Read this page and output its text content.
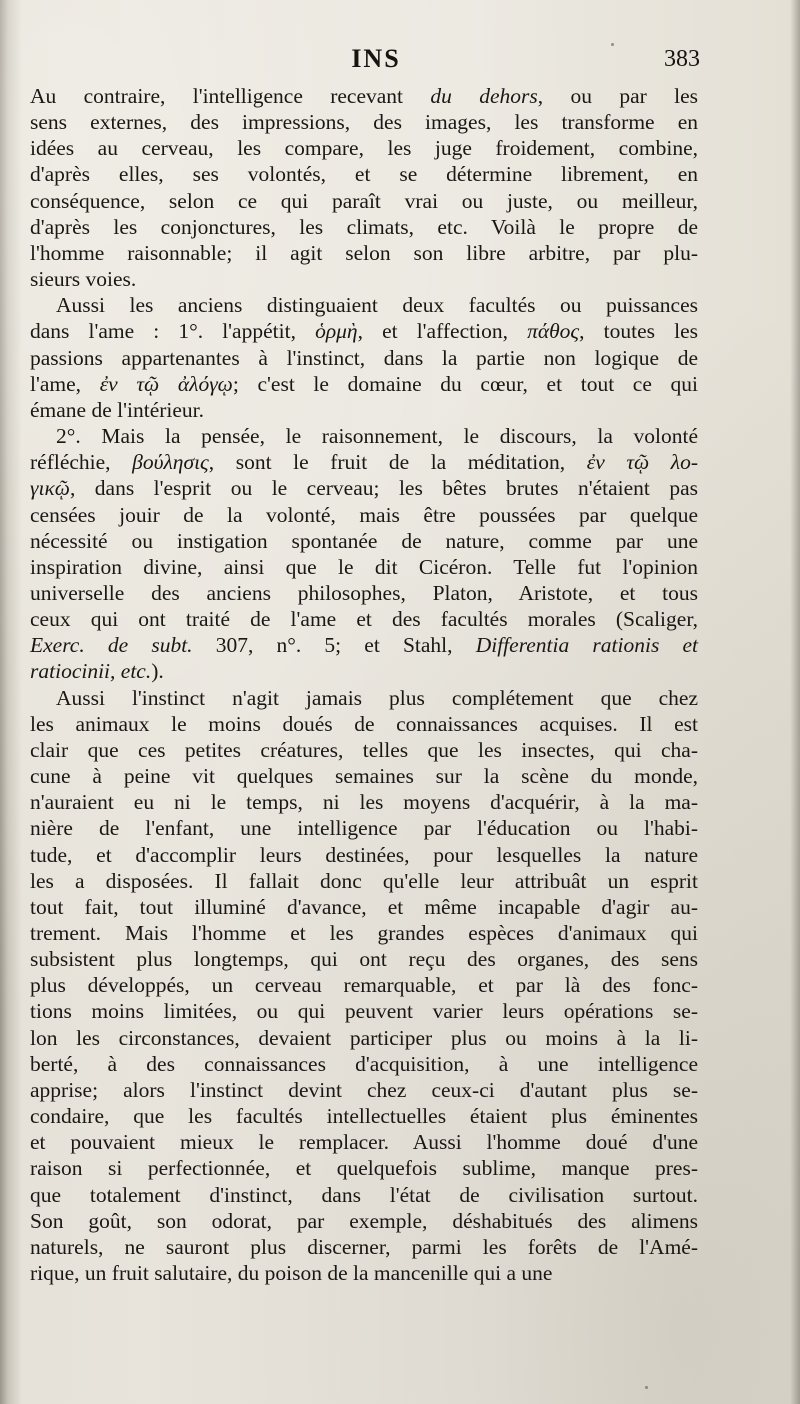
INS	383
Au contraire, l'intelligence recevant du dehors, ou par les
sens externes, des impressions, des images, les transforme en
idées au cerveau, les compare, les juge froidement, combine,
d'après elles, ses volontés, et se détermine librement, en
conséquence, selon ce qui paraît vrai ou juste, ou meilleur,
d'après les conjonctures, les climats, etc. Voilà le propre de
l'homme raisonnable; il agit selon son libre arbitre, par plu-
sieurs voies.
Aussi les anciens distinguaient deux facultés ou puissances
dans l'ame : 1°. l'appétit, ὁρμὴ, et l'affection, πάθος, toutes les
passions appartenantes à l'instinct, dans la partie non logique de
l'ame, ἐν τῷ ἀλόγῳ; c'est le domaine du cœur, et tout ce qui
émane de l'intérieur.
2°. Mais la pensée, le raisonnement, le discours, la volonté
réfléchie, βούλησις, sont le fruit de la méditation, ἐν τῷ λο-
γικῷ, dans l'esprit ou le cerveau; les bêtes brutes n'étaient pas
censées jouir de la volonté, mais être poussées par quelque
nécessité ou instigation spontanée de nature, comme par une
inspiration divine, ainsi que le dit Cicéron. Telle fut l'opinion
universelle des anciens philosophes, Platon, Aristote, et tous
ceux qui ont traité de l'ame et des facultés morales (Scaliger,
Exerc. de subt. 307, n°. 5; et Stahl, Differentia rationis et
ratiocinii, etc.).
Aussi l'instinct n'agit jamais plus complétement que chez
les animaux le moins doués de connaissances acquises. Il est
clair que ces petites créatures, telles que les insectes, qui cha-
cune à peine vit quelques semaines sur la scène du monde,
n'auraient eu ni le temps, ni les moyens d'acquérir, à la ma-
nière de l'enfant, une intelligence par l'éducation ou l'habi-
tude, et d'accomplir leurs destinées, pour lesquelles la nature
les a disposées. Il fallait donc qu'elle leur attribuât un esprit
tout fait, tout illuminé d'avance, et même incapable d'agir au-
trement. Mais l'homme et les grandes espèces d'animaux qui
subsistent plus longtemps, qui ont reçu des organes, des sens
plus développés, un cerveau remarquable, et par là des fonc-
tions moins limitées, ou qui peuvent varier leurs opérations se-
lon les circonstances, devaient participer plus ou moins à la li-
berté, à des connaissances d'acquisition, à une intelligence
apprise; alors l'instinct devint chez ceux-ci d'autant plus se-
condaire, que les facultés intellectuelles étaient plus éminentes
et pouvaient mieux le remplacer. Aussi l'homme doué d'une
raison si perfectionnée, et quelquefois sublime, manque pres-
que totalement d'instinct, dans l'état de civilisation surtout.
Son goût, son odorat, par exemple, déshabitués des alimens
naturels, ne sauront plus discerner, parmi les forêts de l'Amé-
rique, un fruit salutaire, du poison de la mancenille qui a une
